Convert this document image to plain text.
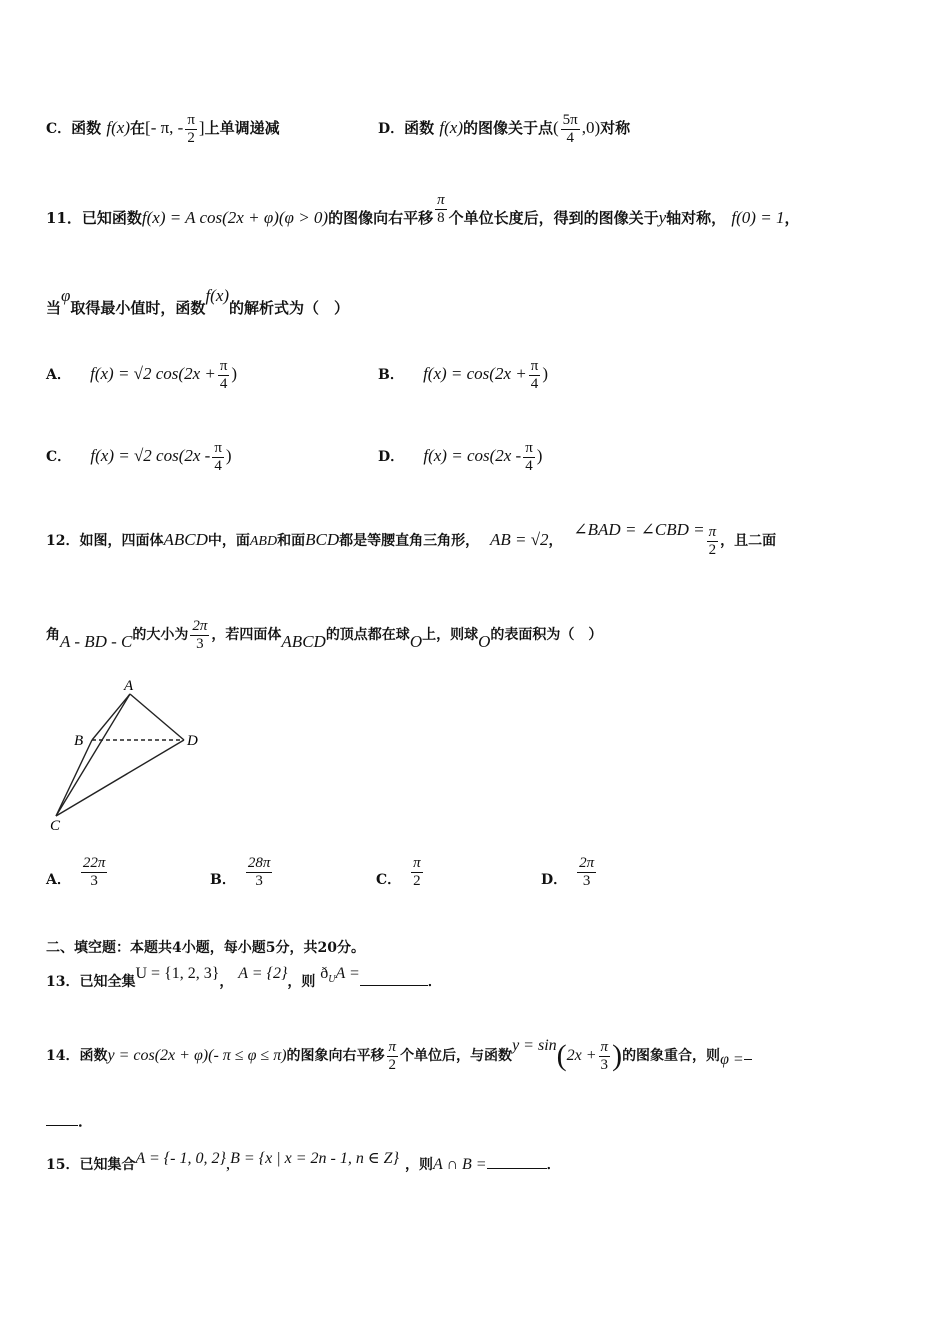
C．函数 f(x)在[- π, - $\frac{\pi}{2}$ ]上单调递减	D．函数 f(x)的图像关于点( $\frac{5\pi}{4} ,0$)对称
11．已知函数f(x) = A cos(2x + φ)(φ > 0)的图像向右平移 $\frac{\pi}{8}$ 个单位长度后，得到的图像关于y轴对称， f(0) = 1，
当φ取得最小值时，函数f(x)的解析式为（　）
A． f(x) = √2 $\cos(2x + \frac{\pi}{4}$ )	B． $f(x) = \cos(2x + \frac{\pi}{4}$ )
C． f(x) = √2 $\cos(2x - \frac{\pi}{4}$ )	D． $f(x) = \cos(2x - \frac{\pi}{4}$ )
12．如图，四面体ABCD中，面ABD和面BCD都是等腰直角三角形， AB = √2， ∠BAD = ∠CBD = $\frac{\pi}{2}$ ，且二面
角A - BD - C的大小为 $\frac{2\pi}{3}$ ，若四面体ABCD的顶点都在球O上，则球O的表面积为（　）
A
B
C
D
A． $\frac{22\pi}{3}$	B． $\frac{28\pi}{3}$	C． $\frac{\pi}{2}$	D． $\frac{2\pi}{3}$
二、填空题：本题共4小题，每小题5分，共20分。
13．已知全集U = {1, 2, 3}， A = {2}，则 $ð_UA$ =	．
14．函数y = cos(2x + φ)(- π ≤ φ ≤ π)的图象向右平移 $\frac{\pi}{2}$ 个单位后，与函数$y = \sin(2x + \frac{\pi}{3}$ )的图象重合，则φ =
．
15．已知集合A = {- 1, 0, 2},B = {x | x = 2n - 1, n ∈ Z} ，则A ∩ B =	．
